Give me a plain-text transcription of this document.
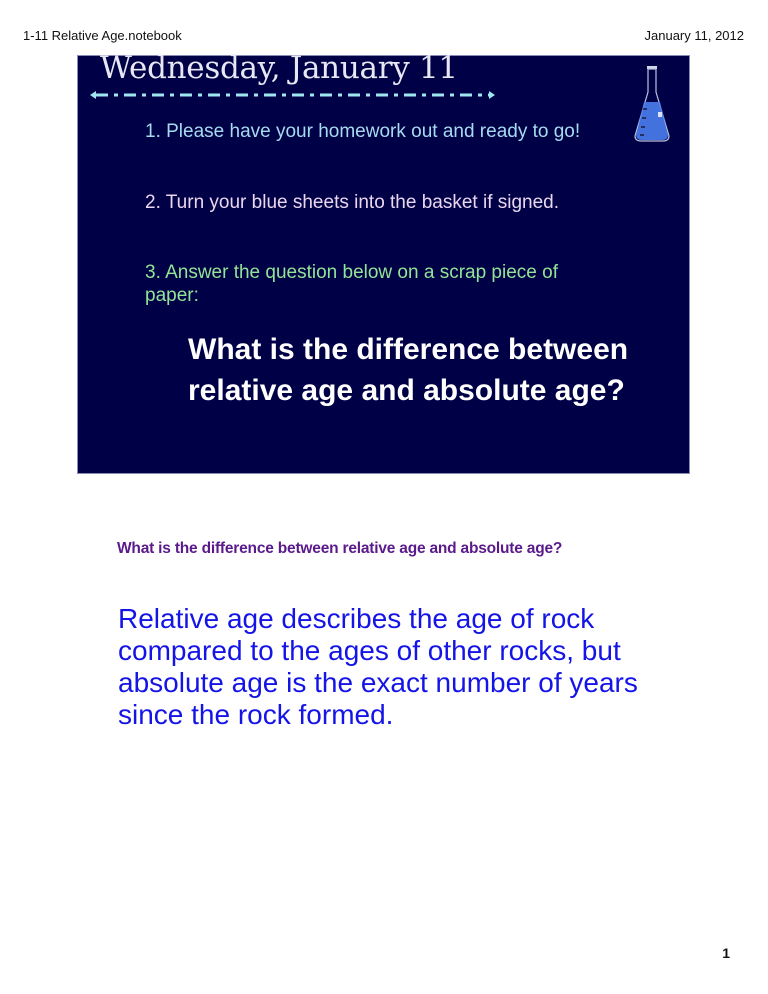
1-11 Relative Age.notebook	January 11, 2012
Wednesday, January 11
1. Please have your homework out and ready to go!
2. Turn your blue sheets into the basket if signed.
3. Answer the question below on a scrap piece of paper:
What is the difference between relative age and absolute age?
What is the difference between relative age and absolute age?
Relative age describes the age of rock compared to the ages of other rocks, but absolute age is the exact number of years since the rock formed.
1
